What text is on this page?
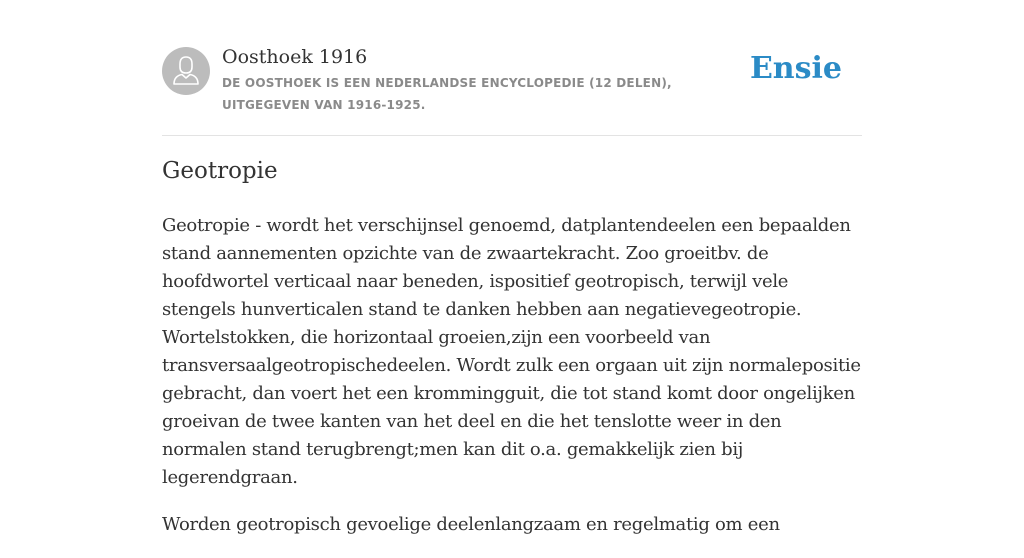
Oosthoek 1916
DE OOSTHOEK IS EEN NEDERLANDSE ENCYCLOPEDIE (12 DELEN), UITGEGEVEN VAN 1916-1925.
Ensie
Geotropie

Geotropie - wordt het verschijnsel genoemd, datplantendeelen een bepaalden stand aannementen opzichte van de zwaartekracht. Zoo groeitbv. de hoofdwortel verticaal naar beneden, ispositief geotropisch, terwijl vele stengels hunverticalen stand te danken hebben aan negatievegeotropie. Wortelstokken, die horizontaal groeien,zijn een voorbeeld van transversaalgeotropischedeelen. Wordt zulk een orgaan uit zijn normalepositie gebracht, dan voert het een krommingguit, die tot stand komt door ongelijken groeivan de twee kanten van het deel en die het tenslotte weer in den normalen stand terugbrengt;men kan dit o.a. gemakkelijk zien bij legerendgraan.

Worden geotropisch gevoelige deelenlangzaam en regelmatig om een
